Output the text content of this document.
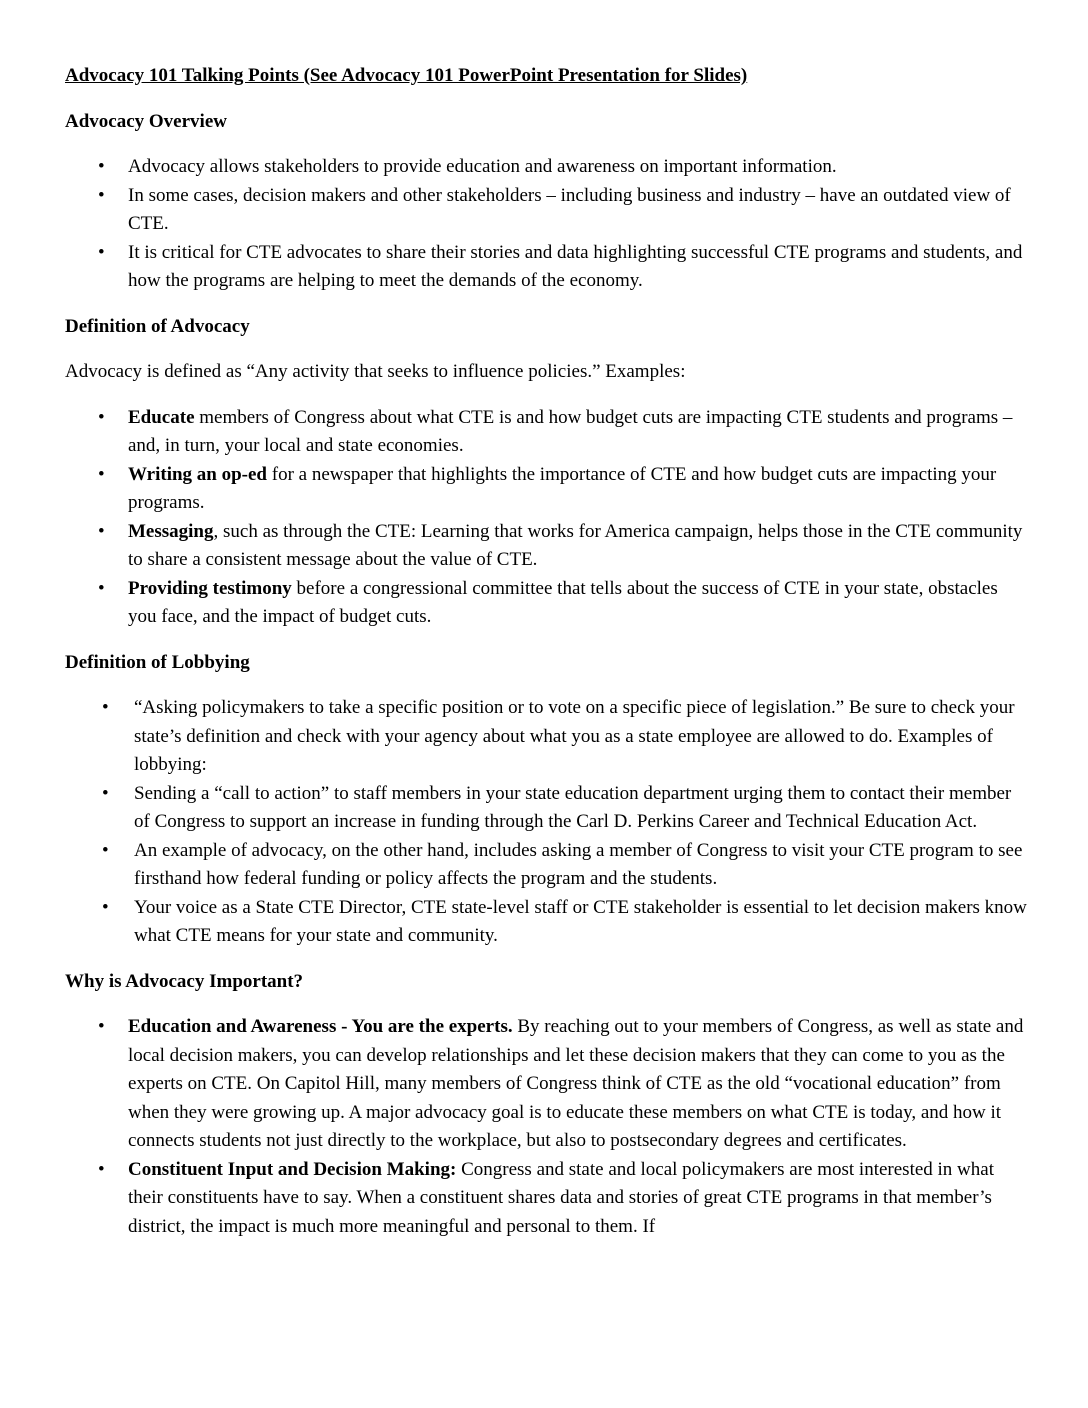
Advocacy 101 Talking Points (See Advocacy 101 PowerPoint Presentation for Slides)
Advocacy Overview
• Advocacy allows stakeholders to provide education and awareness on important information.
• In some cases, decision makers and other stakeholders – including business and industry – have an outdated view of CTE.
• It is critical for CTE advocates to share their stories and data highlighting successful CTE programs and students, and how the programs are helping to meet the demands of the economy.
Definition of Advocacy
Advocacy is defined as “Any activity that seeks to influence policies.” Examples:
• Educate members of Congress about what CTE is and how budget cuts are impacting CTE students and programs – and, in turn, your local and state economies.
• Writing an op-ed for a newspaper that highlights the importance of CTE and how budget cuts are impacting your programs.
• Messaging, such as through the CTE: Learning that works for America campaign, helps those in the CTE community to share a consistent message about the value of CTE.
• Providing testimony before a congressional committee that tells about the success of CTE in your state, obstacles you face, and the impact of budget cuts.
Definition of Lobbying
• “Asking policymakers to take a specific position or to vote on a specific piece of legislation.” Be sure to check your state’s definition and check with your agency about what you as a state employee are allowed to do. Examples of lobbying:
• Sending a “call to action” to staff members in your state education department urging them to contact their member of Congress to support an increase in funding through the Carl D. Perkins Career and Technical Education Act.
• An example of advocacy, on the other hand, includes asking a member of Congress to visit your CTE program to see firsthand how federal funding or policy affects the program and the students.
• Your voice as a State CTE Director, CTE state-level staff or CTE stakeholder is essential to let decision makers know what CTE means for your state and community.
Why is Advocacy Important?
• Education and Awareness - You are the experts. By reaching out to your members of Congress, as well as state and local decision makers, you can develop relationships and let these decision makers that they can come to you as the experts on CTE. On Capitol Hill, many members of Congress think of CTE as the old “vocational education” from when they were growing up. A major advocacy goal is to educate these members on what CTE is today, and how it connects students not just directly to the workplace, but also to postsecondary degrees and certificates.
• Constituent Input and Decision Making: Congress and state and local policymakers are most interested in what their constituents have to say. When a constituent shares data and stories of great CTE programs in that member’s district, the impact is much more meaningful and personal to them. If
